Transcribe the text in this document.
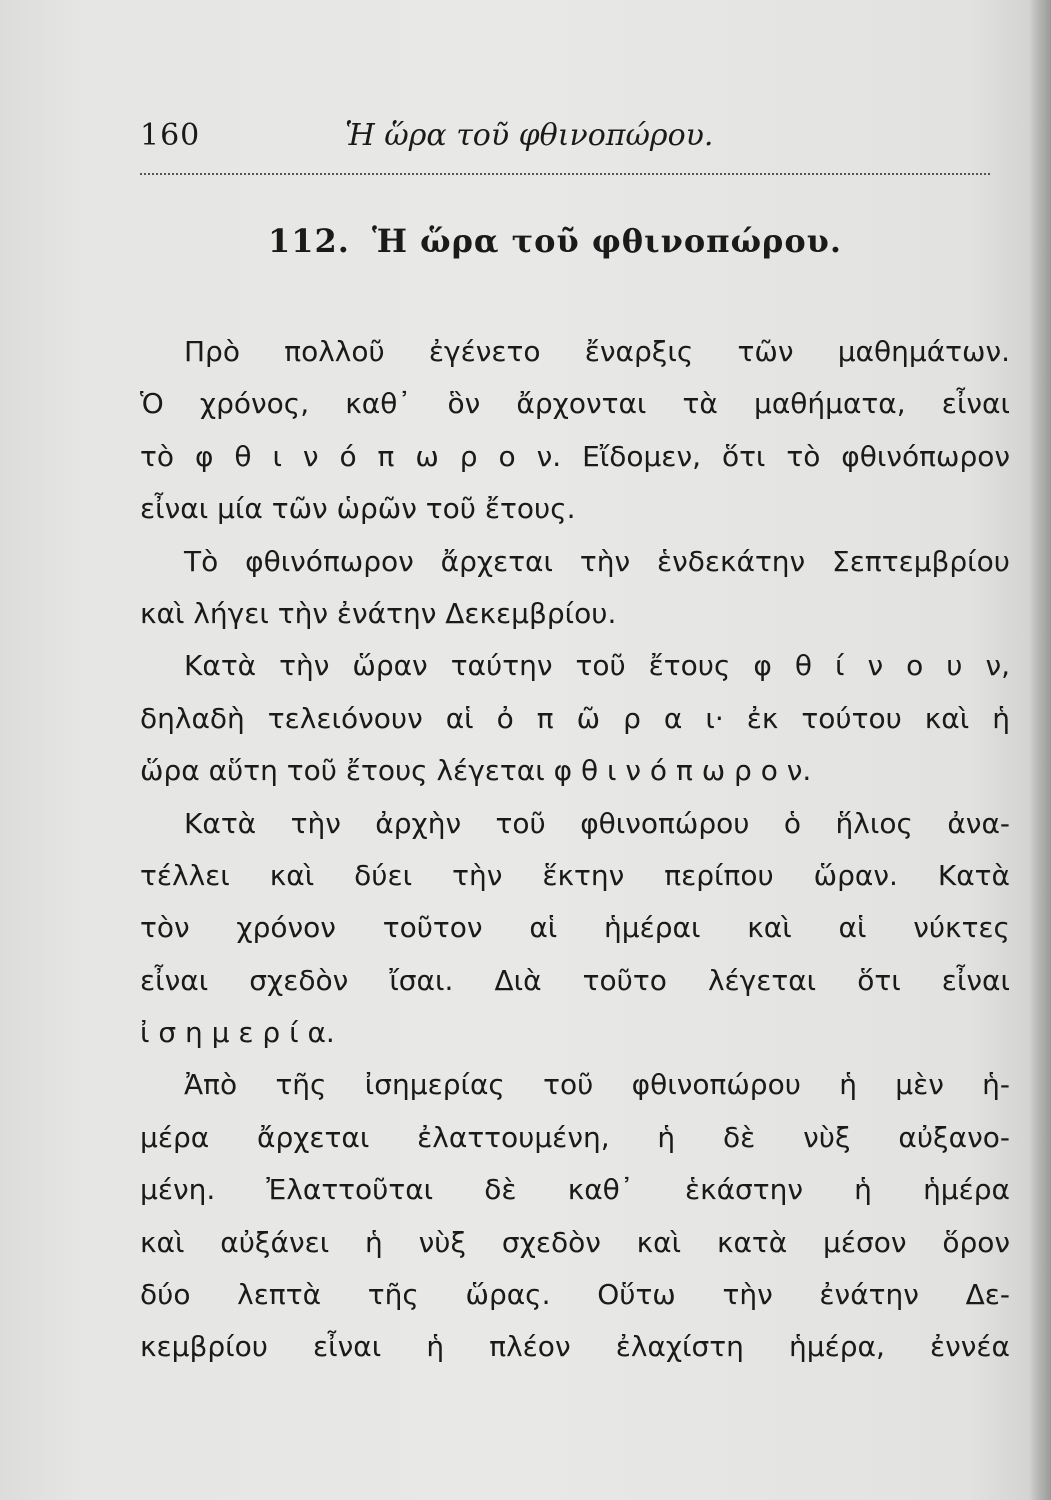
160	Ἡ ὥρα τοῦ φθινοπώρου.
112. Ἡ ὥρα τοῦ φθινοπώρου.
Πρὸ πολλοῦ ἐγένετο ἔναρξις τῶν μαθημάτων.
Ὁ χρόνος, καθ᾽ ὃν ἄρχονται τὰ μαθήματα, εἶναι
τὸ φ θ ι ν ό π ω ρ ο ν. Εἴδομεν, ὅτι τὸ φθινόπωρον
εἶναι μία τῶν ὡρῶν τοῦ ἔτους.
Τὸ φθινόπωρον ἄρχεται τὴν ἑνδεκάτην Σεπτεμβρίου
καὶ λήγει τὴν ἐνάτην Δεκεμβρίου.
Κατὰ τὴν ὥραν ταύτην τοῦ ἔτους φ θ ί ν ο υ ν,
δηλαδὴ τελειόνουν αἱ ὀ π ῶ ρ α ι· ἐκ τούτου καὶ ἡ
ὥρα αὕτη τοῦ ἔτους λέγεται φ θ ι ν ό π ω ρ ο ν.
Κατὰ τὴν ἀρχὴν τοῦ φθινοπώρου ὁ ἥλιος ἀνα-
τέλλει καὶ δύει τὴν ἕκτην περίπου ὥραν. Κατὰ
τὸν χρόνον τοῦτον αἱ ἡμέραι καὶ αἱ νύκτες
εἶναι σχεδὸν ἴσαι. Διὰ τοῦτο λέγεται ὅτι εἶναι
ἰ σ η μ ε ρ ί α.
Ἀπὸ τῆς ἰσημερίας τοῦ φθινοπώρου ἡ μὲν ἡ-
μέρα ἄρχεται ἐλαττουμένη, ἡ δὲ νὺξ αὐξανο-
μένη. Ἐλαττοῦται δὲ καθ᾽ ἑκάστην ἡ ἡμέρα
καὶ αὐξάνει ἡ νὺξ σχεδὸν καὶ κατὰ μέσον ὅρον
δύο λεπτὰ τῆς ὥρας. Οὕτω τὴν ἐνάτην Δε-
κεμβρίου εἶναι ἡ πλέον ἐλαχίστη ἡμέρα, ἐννέα
